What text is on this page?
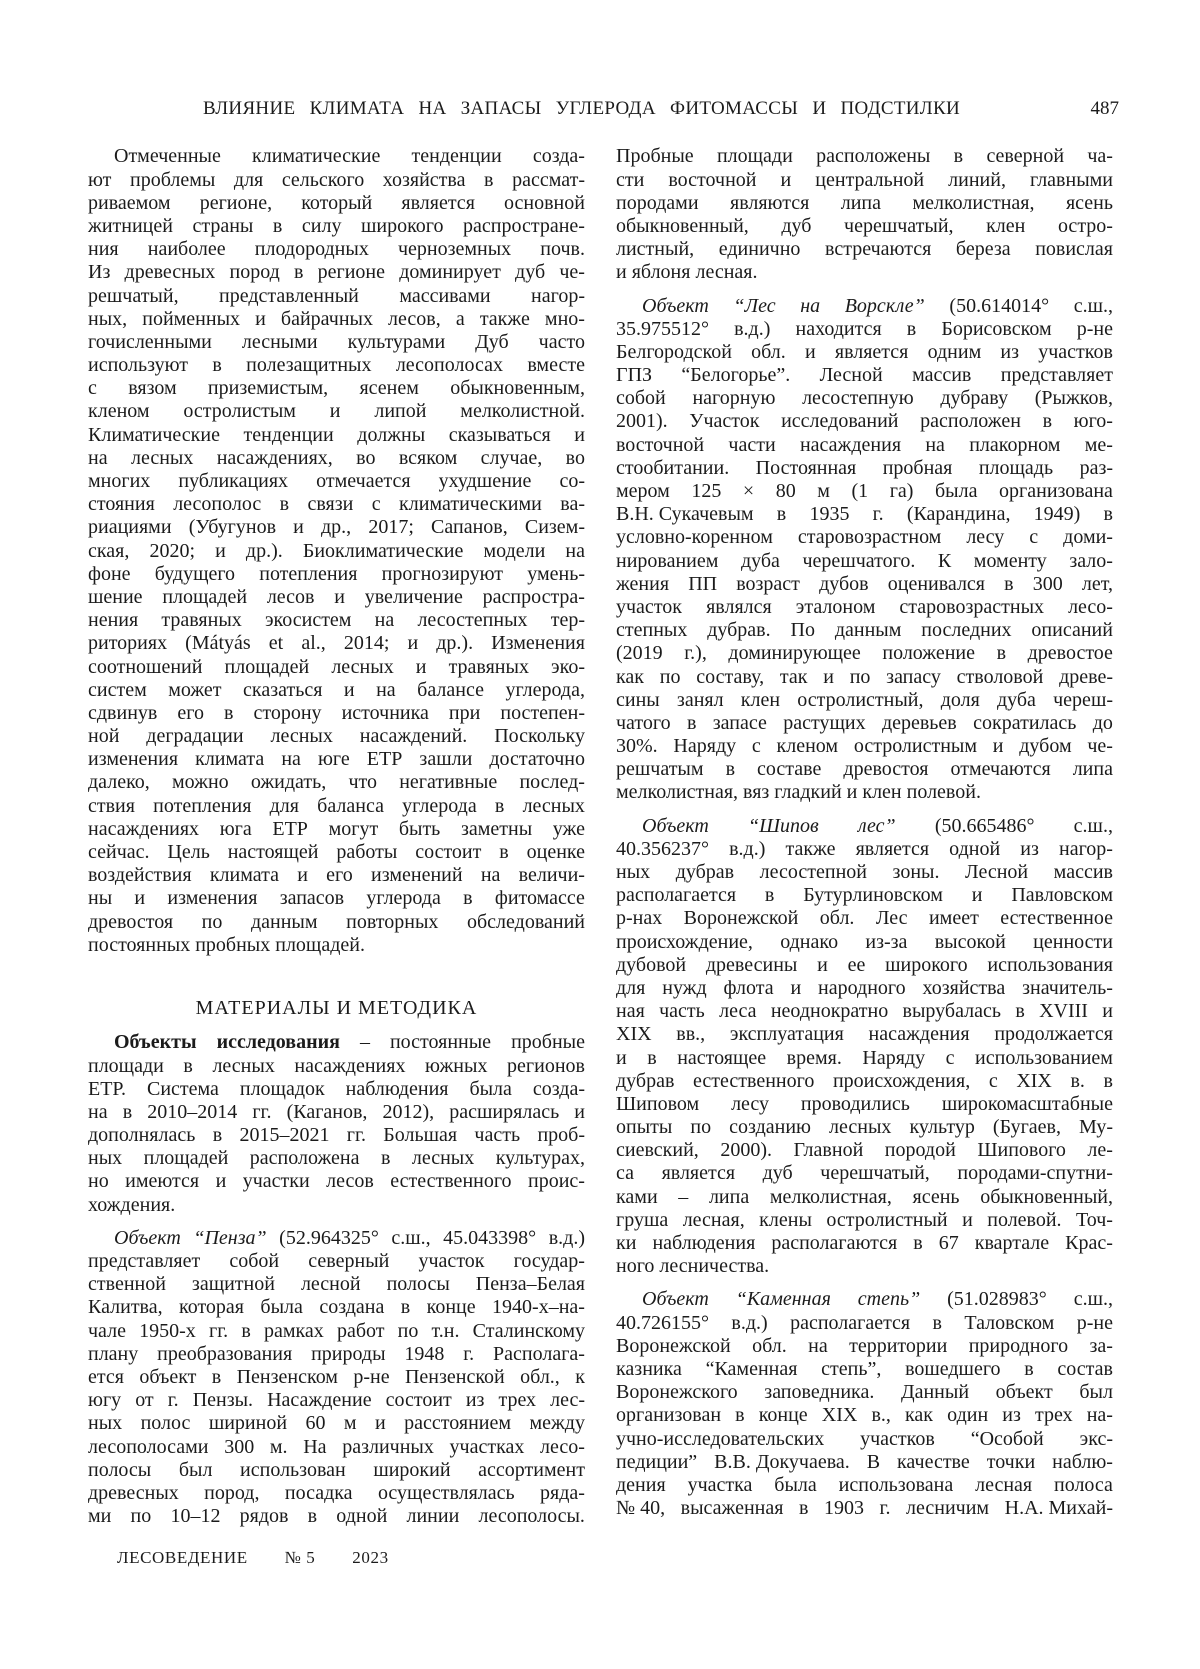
ВЛИЯНИЕ КЛИМАТА НА ЗАПАСЫ УГЛЕРОДА ФИТОМАССЫ И ПОДСТИЛКИ	487
Отмеченные климатические тенденции созда-
ют проблемы для сельского хозяйства в рассмат-
риваемом регионе, который является основной
житницей страны в силу широкого распростране-
ния наиболее плодородных черноземных почв.
Из древесных пород в регионе доминирует дуб че-
решчатый, представленный массивами нагор-
ных, пойменных и байрачных лесов, а также мно-
гочисленными лесными культурами Дуб часто
используют в полезащитных лесополосах вместе
с вязом приземистым, ясенем обыкновенным,
кленом остролистым и липой мелколистной.
Климатические тенденции должны сказываться и
на лесных насаждениях, во всяком случае, во
многих публикациях отмечается ухудшение со-
стояния лесополос в связи с климатическими ва-
риациями (Убугунов и др., 2017; Сапанов, Сизем-
ская, 2020; и др.). Биоклиматические модели на
фоне будущего потепления прогнозируют умень-
шение площадей лесов и увеличение распростра-
нения травяных экосистем на лесостепных тер-
риториях (Mátyás et al., 2014; и др.). Изменения
соотношений площадей лесных и травяных эко-
систем может сказаться и на балансе углерода,
сдвинув его в сторону источника при постепен-
ной деградации лесных насаждений. Поскольку
изменения климата на юге ЕТР зашли достаточно
далеко, можно ожидать, что негативные послед-
ствия потепления для баланса углерода в лесных
насаждениях юга ЕТР могут быть заметны уже
сейчас. Цель настоящей работы состоит в оценке
воздействия климата и его изменений на величи-
ны и изменения запасов углерода в фитомассе
древостоя по данным повторных обследований
постоянных пробных площадей.
МАТЕРИАЛЫ И МЕТОДИКА
Объекты исследования – постоянные пробные
площади в лесных насаждениях южных регионов
ЕТР. Система площадок наблюдения была созда-
на в 2010–2014 гг. (Каганов, 2012), расширялась и
дополнялась в 2015–2021 гг. Большая часть проб-
ных площадей расположена в лесных культурах,
но имеются и участки лесов естественного проис-
хождения.
Объект “Пенза” (52.964325° с.ш., 45.043398° в.д.)
представляет собой северный участок государ-
ственной защитной лесной полосы Пенза–Белая
Калитва, которая была создана в конце 1940-х–на-
чале 1950-х гг. в рамках работ по т.н. Сталинскому
плану преобразования природы 1948 г. Располага-
ется объект в Пензенском р-не Пензенской обл., к
югу от г. Пензы. Насаждение состоит из трех лес-
ных полос шириной 60 м и расстоянием между
лесополосами 300 м. На различных участках лесо-
полосы был использован широкий ассортимент
древесных пород, посадка осуществлялась ряда-
ми по 10–12 рядов в одной линии лесополосы.
Пробные площади расположены в северной ча-
сти восточной и центральной линий, главными
породами являются липа мелколистная, ясень
обыкновенный, дуб черешчатый, клен остро-
листный, единично встречаются береза повислая
и яблоня лесная.
Объект “Лес на Ворскле” (50.614014° с.ш.,
35.975512° в.д.) находится в Борисовском р-не
Белгородской обл. и является одним из участков
ГПЗ “Белогорье”. Лесной массив представляет
собой нагорную лесостепную дубраву (Рыжков,
2001). Участок исследований расположен в юго-
восточной части насаждения на плакорном ме-
стообитании. Постоянная пробная площадь раз-
мером 125 × 80 м (1 га) была организована
В.Н. Сукачевым в 1935 г. (Карандина, 1949) в
условно-коренном старовозрастном лесу с доми-
нированием дуба черешчатого. К моменту зало-
жения ПП возраст дубов оценивался в 300 лет,
участок являлся эталоном старовозрастных лесо-
степных дубрав. По данным последних описаний
(2019 г.), доминирующее положение в древостое
как по составу, так и по запасу стволовой древе-
сины занял клен остролистный, доля дуба череш-
чатого в запасе растущих деревьев сократилась до
30%. Наряду с кленом остролистным и дубом че-
решчатым в составе древостоя отмечаются липа
мелколистная, вяз гладкий и клен полевой.
Объект “Шипов лес” (50.665486° с.ш.,
40.356237° в.д.) также является одной из нагор-
ных дубрав лесостепной зоны. Лесной массив
располагается в Бутурлиновском и Павловском
р-нах Воронежской обл. Лес имеет естественное
происхождение, однако из-за высокой ценности
дубовой древесины и ее широкого использования
для нужд флота и народного хозяйства значитель-
ная часть леса неоднократно вырубалась в XVIII и
XIX вв., эксплуатация насаждения продолжается
и в настоящее время. Наряду с использованием
дубрав естественного происхождения, с XIX в. в
Шиповом лесу проводились широкомасштабные
опыты по созданию лесных культур (Бугаев, Му-
сиевский, 2000). Главной породой Шипового ле-
са является дуб черешчатый, породами-спутни-
ками – липа мелколистная, ясень обыкновенный,
груша лесная, клены остролистный и полевой. Точ-
ки наблюдения располагаются в 67 квартале Крас-
ного лесничества.
Объект “Каменная степь” (51.028983° с.ш.,
40.726155° в.д.) располагается в Таловском р-не
Воронежской обл. на территории природного за-
казника “Каменная степь”, вошедшего в состав
Воронежского заповедника. Данный объект был
организован в конце XIX в., как один из трех на-
учно-исследовательских участков “Особой экс-
педиции” В.В. Докучаева. В качестве точки наблю-
дения участка была использована лесная полоса
№ 40, высаженная в 1903 г. лесничим Н.А. Михай-
ЛЕСОВЕДЕНИЕ № 5 2023
